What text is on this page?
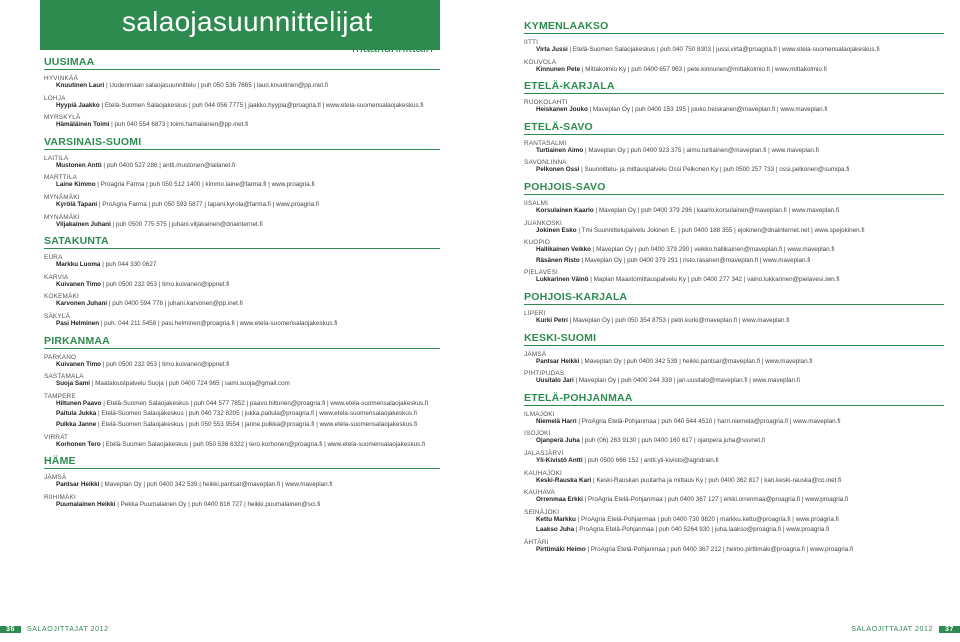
salaojasuunnittelijat
maakunnittain
UUSIMAA
HYVINKÄÄ
Knuutinen Lauri | Uudenmaan salaojasuunnittelu | puh 050 536 7665 | lauri.knuutinen@pp.inet.fi
LOHJA
Hyypiä Jaakko | Etelä-Suomen Salaojakeskus | puh 044 056 7775 | jaakko.hyypia@proagria.fi | www.etela-suomensalaojakeskus.fi
MYRSKYLÄ
Hämäläinen Toimi | puh 040 554 6873 | toimi.hamalainen@pp.inet.fi
VARSINAIS-SUOMI
LAITILA
Mustonen Antti | puh 0400 527 286 | antti.mustonen@lailanet.fi
MARTTILA
Laine Kimmo | Proagria Farma | puh 050 512 1400 | kimmo.laine@farma.fi | www.proagria.fi
MYNÄMÄKI
Kyrölä Tapani | ProAgria Farma | puh 050 593 5877 | tapani.kyrola@farma.fi | www.proagria.fi
MYNÄMÄKI
Viljakainen Juhani | puh 0500 775 575 | juhani.viljakainen@dnainternet.fi
SATAKUNTA
EURA
Markku Luoma | puh 044 330 0627
KARVIA
Kuivanen Timo | puh 0500 232 953 | timo.kuivanen@ippnet.fi
KOKEMÄKI
Karvonen Juhani | puh 0400 594 776 | juhani.karvonen@pp.inet.fi
SÄKYLÄ
Pasi Helminen | puh. 044 211 5458 | pasi.helminen@proagria.fi | www.etela-suomensalaojakeskus.fi
PIRKANMAA
PARKANO
Kuivanen Timo | puh 0500 232 953 | timo.kuivanen@ippnet.fi
SASTAMALA
Suoja Sami | Maataloustpalvelu Suoja | puh 0400 724 965 | sami.suoja@gmail.com
TAMPERE
Hiltunen Paavo | Etelä-Suomen Salaojakeskus | puh 044 577 7852 | paavo.hiltunen@proagria.fi | www.etela-suomensalaojakeskus.fi
Paitula Jukka | Etelä-Suomen Salaojakeskus | puh 040 732 8205 | jukka.paitula@proagria.fi | www.etela-suomensalaojakeskus.fi
Pulkka Janne | Etelä-Suomen Salaojakeskus | puh 050 553 9554 | janne.pulkka@proagria.fi | www.etela-suomensalaojakeskus.fi
VIRRAT
Korhonen Tero | Etelä-Suomen Salaojakeskus | puh 050 536 6322 | tero.korhonen@proagria.fi | www.etela-suomensalaojakeskus.fi
HÄME
JÄMSÄ
Pantsar Heikki | Maveplan Oy | puh 0400 342 539 | heikki.pantsar@maveplan.fi | www.maveplan.fi
RIIHIMÄKI
Puumalainen Heikki | Pekka Puumalainen Oy | puh 0400 816 727 | heikki.puumalainen@sci.fi
36 SALAOJITTAJAT 2012
KYMENLAAKSO
IITTI
Virta Jussi | Etelä-Suomen Salaojakeskus | puh 040 750 8303 | jussi.virta@proagria.fi | www.etela-suomensalaojakeskus.fi
KOUVOLA
Kinnunen Pete | Mittakolmio Ky | puh 0400 657 963 | pete.kinnunen@mittakolmio.fi | www.mittakolmio.fi
ETELÄ-KARJALA
RUOKOLAHTI
Heiskanen Jouko | Maveplan Oy | puh 0400 153 195 | jouko.heiskanen@maveplan.fi | www.maveplan.fi
ETELÄ-SAVO
RANTASALMI
Turtiainen Aimo | Maveplan Oy | puh 0400 923 375 | aimo.turtiainen@maveplan.fi | www.maveplan.fi
SAVONLINNA
Pelkonen Ossi | Suunnittelu- ja mittauspalvelu Ossi Pelkonen Ky | puh 0500 257 733 | ossi.pelkonen@sumipa.fi
POHJOIS-SAVO
IISALMI
Korsulainen Kaarlo | Maveplan Oy | puh 0400 379 296 | kaarlo.korsulainen@maveplan.fi | www.maveplan.fi
JUANKOSKI
Jokinen Esko | Tmi Suunnittelupalvelu Jokinen E. | puh 0400 188 355 | ejokinen@dnainternet.net | www.spejokinen.fi
KUOPIO
Hallikainen Veikko | Maveplan Oy | puh 0400 379 290 | veikko.hallikainen@maveplan.fi | www.maveplan.fi
Räsänen Risto | Maveplan Oy | puh 0400 379 291 | risto.rasanen@maveplan.fi | www.maveplan.fi
PIELAVESI
Lukkarinen Väinö | Maplan Maastomittauspalvelu Ky | puh 0400 277 342 | vaino.lukkarinen@pielavesi.iwn.fi
POHJOIS-KARJALA
LIPERI
Kurki Petri | Maveplan Oy | puh 050 354 8753 | petri.kurki@maveplan.fi | www.maveplan.fi
KESKI-SUOMI
JÄMSÄ
Pantsar Heikki | Maveplan Oy | puh 0400 342 539 | heikki.pantsar@maveplan.fi | www.maveplan.fi
PIHTIPUDAS
Uusitalo Jari | Maveplan Oy | puh 0400 244 339 | jari.uusitalo@maveplan.fi | www.maveplan.fi
ETELÄ-POHJANMAA
ILMAJOKI
Niemelä Harri | ProAgria Etelä-Pohjanmaa | puh 040 544 4510 | harri.niemela@proagria.fi | www.maveplan.fi
ISOJOKI
Ojanperä Juha | puh (06) 263 9130 | puh 0400 160 617 | ojanpera.juha@ssvnet.fi
JALASJÄRVI
Yli-Kivistö Antti | puh 0500 666 152 | antti.yli-kivisto@agridrain.fi
KAUHAJOKI
Keski-Rauska Kari | Keski-Rauskan puutarha ja mittaus Ky | puh 0400 362 817 | kari.keski-rauska@co.inet.fi
KAUHAVA
Orrenmaa Erkki | ProAgria Etelä-Pohjanmaa | puh 0400 367 127 | erkki.orrenmaa@proagria.fi | www.proagria.fi
SEINÄJOKI
Kettu Markku | ProAgria Etelä-Pohjanmaa | puh 0400 730 9820 | markku.kettu@proagria.fi | www.proagria.fi
Laakso Juha | ProAgria Etelä-Pohjanmaa | puh 040 5264 930 | juha.laakso@proagria.fi | www.proagria.fi
ÄHTÄRI
Pirttimäki Heimo | ProAgria Etelä-Pohjanmaa | puh 0400 367 212 | heimo.pirttimaki@proagria.fi | www.proagria.fi
SALAOJITTAJAT 2012 37
